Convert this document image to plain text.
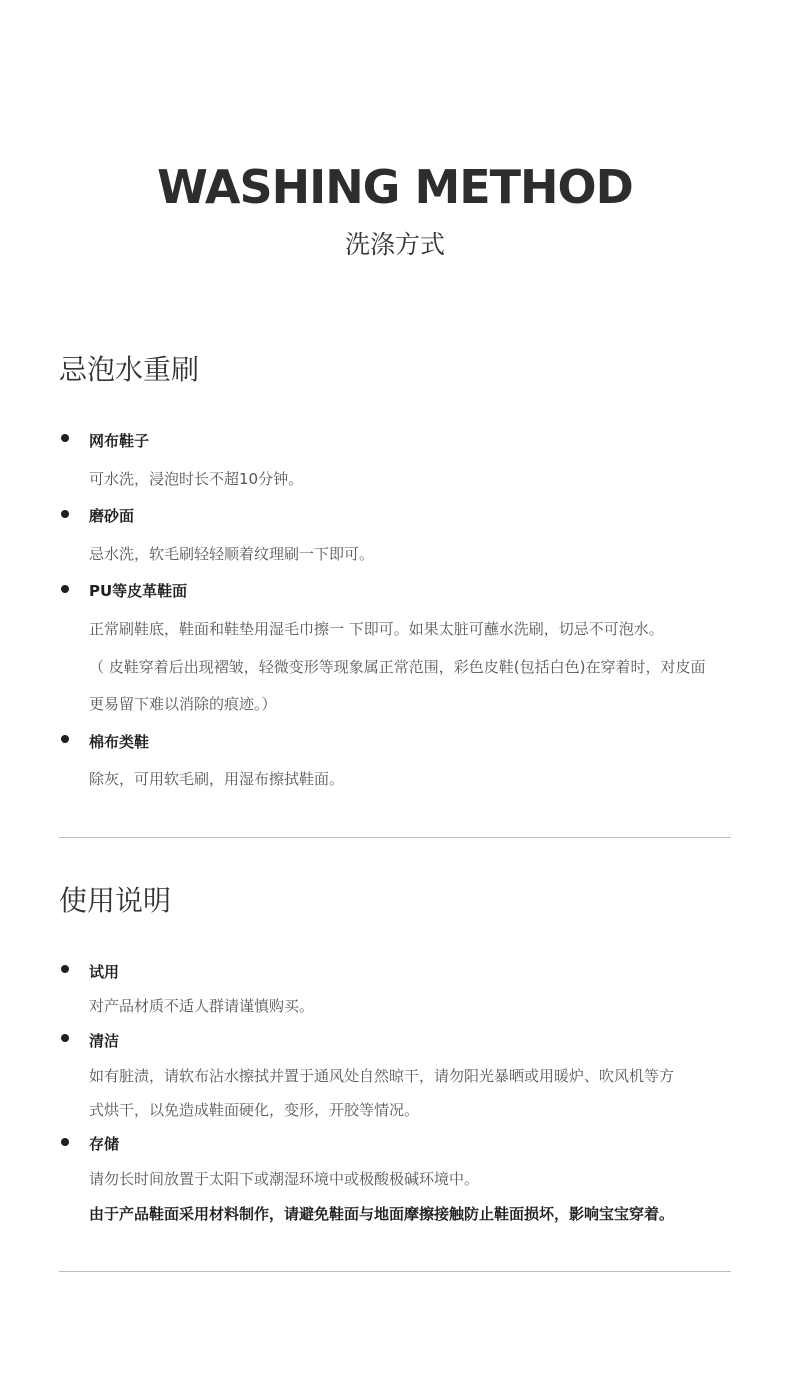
WASHING METHOD
洗涤方式
忌泡水重刷
网布鞋子
可水洗，浸泡时长不超10分钟。
磨砂面
忌水洗，软毛刷轻轻顺着纹理刷一下即可。
PU等皮革鞋面
正常刷鞋底，鞋面和鞋垫用湿毛巾擦一 下即可。如果太脏可蘸水洗刷，切忌不可泡水。
（ 皮鞋穿着后出现褶皱，轻微变形等现象属正常范围，彩色皮鞋(包括白色)在穿着时，对皮面
更易留下难以消除的痕迹。）
棉布类鞋
除灰，可用软毛刷，用湿布擦拭鞋面。
使用说明
试用
对产品材质不适人群请谨慎购买。
清洁
如有脏渍，请软布沾水擦拭并置于通风处自然晾干，请勿阳光暴晒或用暖炉、吹风机等方
式烘干，以免造成鞋面硬化，变形，开胶等情况。
存储
请勿长时间放置于太阳下或潮湿环境中或极酸极碱环境中。
由于产品鞋面采用材料制作，请避免鞋面与地面摩擦接触防止鞋面损坏，影响宝宝穿着。
